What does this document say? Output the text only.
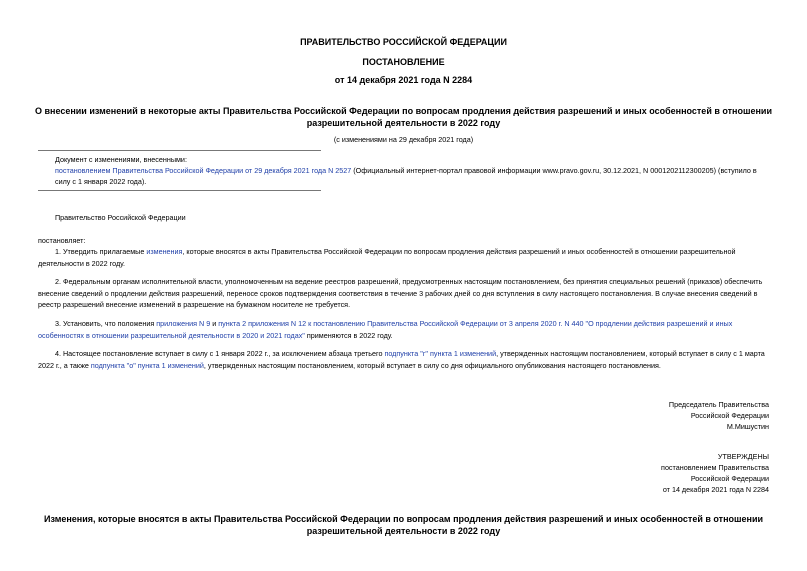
ПРАВИТЕЛЬСТВО РОССИЙСКОЙ ФЕДЕРАЦИИ
ПОСТАНОВЛЕНИЕ
от 14 декабря 2021 года N 2284
О внесении изменений в некоторые акты Правительства Российской Федерации по вопросам продления действия разрешений и иных особенностей в отношении
разрешительной деятельности в 2022 году
(с изменениями на 29 декабря 2021 года)
Документ с изменениями, внесенными:
постановлением Правительства Российской Федерации от 29 декабря 2021 года N 2527 (Официальный интернет-портал правовой информации www.pravo.gov.ru, 30.12.2021, N 0001202112300205) (вступило в
силу с 1 января 2022 года).
Правительство Российской Федерации
постановляет:
1. Утвердить прилагаемые изменения, которые вносятся в акты Правительства Российской Федерации по вопросам продления действия разрешений и иных особенностей в отношении разрешительной
деятельности в 2022 году.
2. Федеральным органам исполнительной власти, уполномоченным на ведение реестров разрешений, предусмотренных настоящим постановлением, без принятия специальных решений (приказов) обеспечить
внесение сведений о продлении действия разрешений, переносе сроков подтверждения соответствия в течение 3 рабочих дней со дня вступления в силу настоящего постановления. В случае внесения сведений в
реестр разрешений внесение изменений в разрешение на бумажном носителе не требуется.
3. Установить, что положения приложения N 9 и пункта 2 приложения N 12 к постановлению Правительства Российской Федерации от 3 апреля 2020 г. N 440 "О продлении действия разрешений и иных
особенностях в отношении разрешительной деятельности в 2020 и 2021 годах" применяются в 2022 году.
4. Настоящее постановление вступает в силу с 1 января 2022 г., за исключением абзаца третьего подпункта "г" пункта 1 изменений, утвержденных настоящим постановлением, который вступает в силу с 1 марта
2022 г., а также подпункта "о" пункта 1 изменений, утвержденных настоящим постановлением, который вступает в силу со дня официального опубликования настоящего постановления.
Председатель Правительства
Российской Федерации
М.Мишустин
УТВЕРЖДЕНЫ
постановлением Правительства
Российской Федерации
от 14 декабря 2021 года N 2284
Изменения, которые вносятся в акты Правительства Российской Федерации по вопросам продления действия разрешений и иных особенностей в отношении
разрешительной деятельности в 2022 году
